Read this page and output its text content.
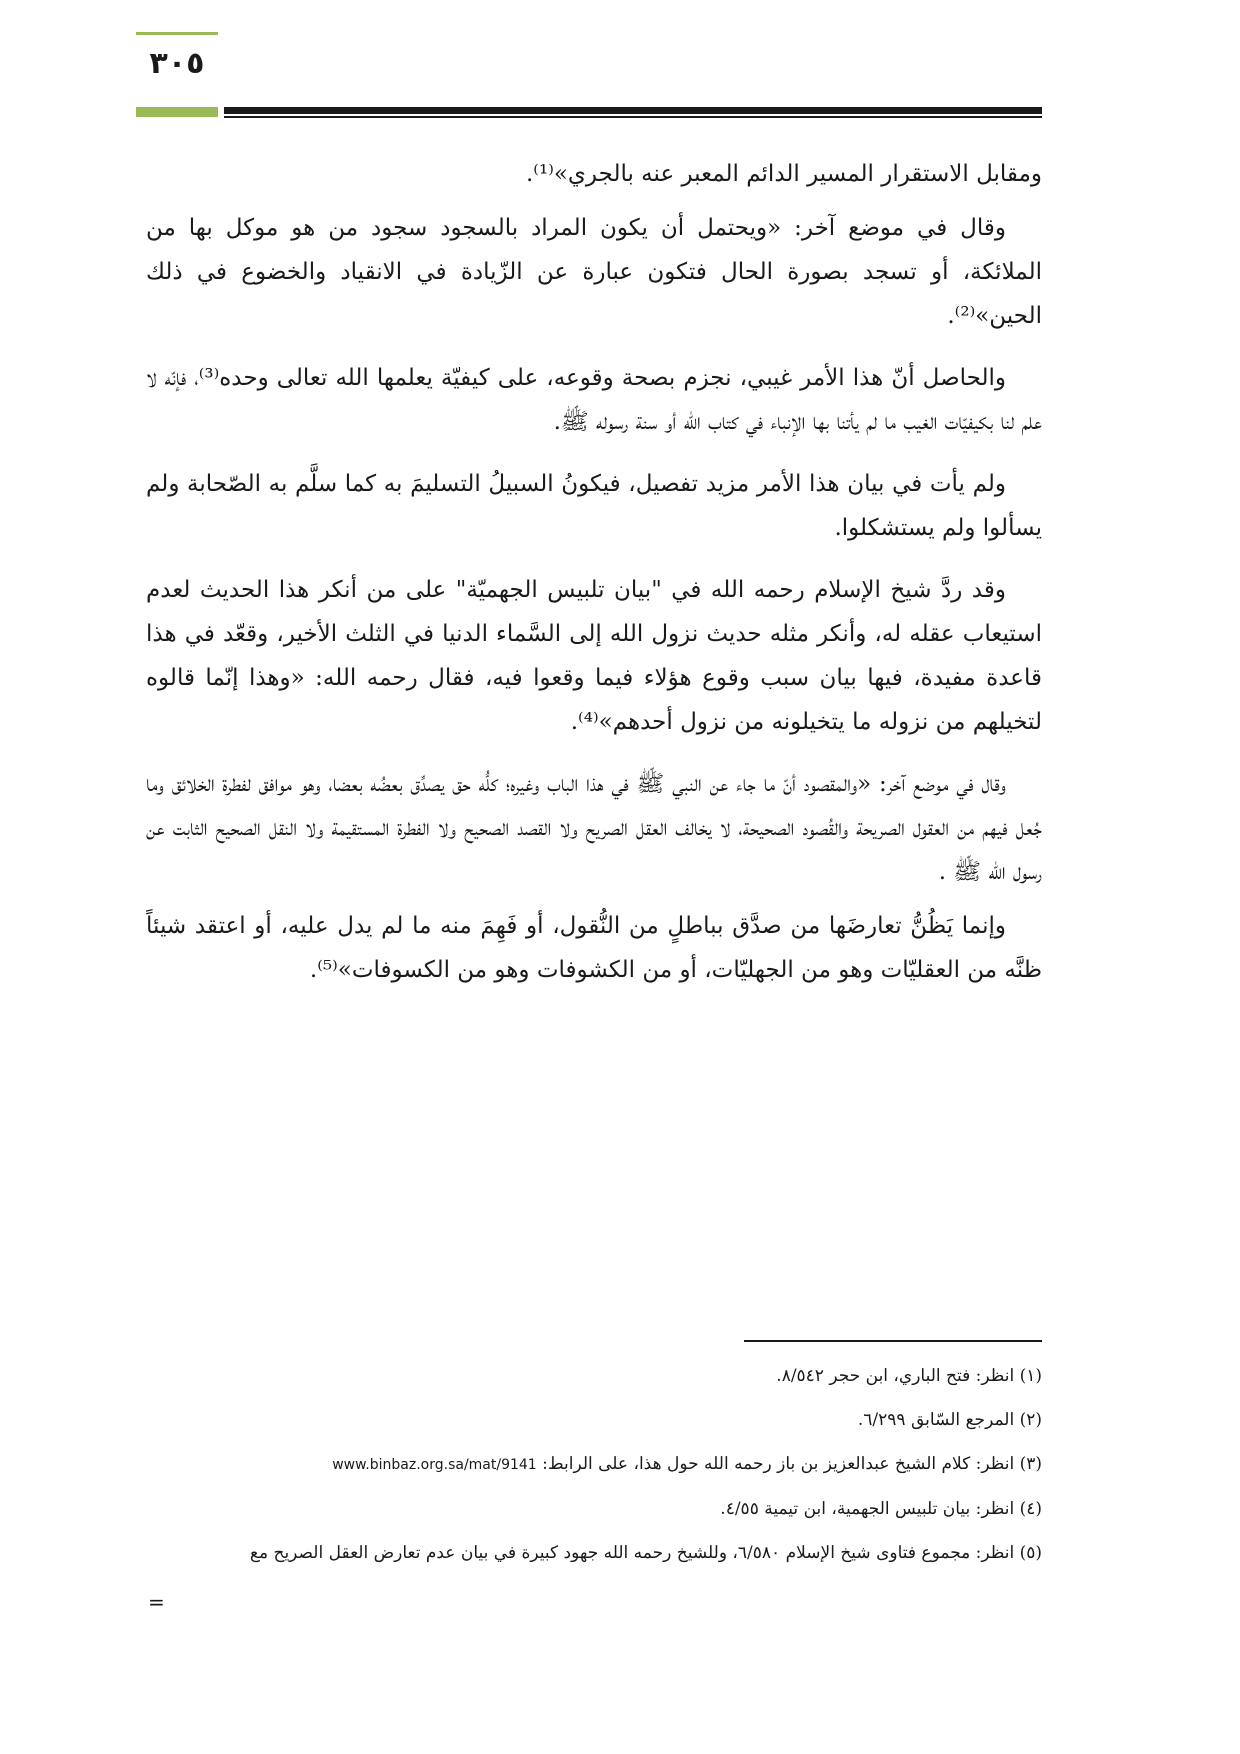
٣٠٥

ومقابل الاستقرار المسير الدائم المعبر عنه بالجري»⁽¹⁾.

وقال في موضع آخر: «ويحتمل أن يكون المراد بالسجود سجود من هو موكل بها من الملائكة، أو تسجد بصورة الحال فتكون عبارة عن الزّيادة في الانقياد والخضوع في ذلك الحين»⁽²⁾.

والحاصل أنّ هذا الأمر غيبي، نجزم بصحة وقوعه، على كيفيّة يعلمها الله تعالى وحده⁽³⁾، فإنّه لا علم لنا بكيفيّات الغيب ما لم يأتنا بها الإنباء في كتاب الله أو سنة رسوله ﷺ.

ولم يأت في بيان هذا الأمر مزيد تفصيل، فيكونُ السبيلُ التسليمَ به كما سلَّم به الصّحابة ولم يسألوا ولم يستشكلوا.

وقد ردَّ شيخ الإسلام رحمه الله في "بيان تلبيس الجهميّة" على من أنكر هذا الحديث لعدم استيعاب عقله له، وأنكر مثله حديث نزول الله إلى السَّماء الدنيا في الثلث الأخير، وقعّد في هذا قاعدة مفيدة، فيها بيان سبب وقوع هؤلاء فيما وقعوا فيه، فقال رحمه الله: «وهذا إنّما قالوه لتخيلهم من نزوله ما يتخيلونه من نزول أحدهم»⁽⁴⁾.

وقال في موضع آخر: «والمقصود أنّ ما جاء عن النبي ﷺ في هذا الباب وغيره؛ كلُّه حق يصدِّق بعضُه بعضا، وهو موافق لفطرة الخلائق وما جُعل فيهم من العقول الصريحة والقُصود الصحيحة، لا يخالف العقل الصريح ولا القصد الصحيح ولا الفطرة المستقيمة ولا النقل الصحيح الثابت عن رسول الله ﷺ .

وإنما يَظُنُّ تعارضَها من صدَّق بباطلٍ من النُّقول، أو فَهِمَ منه ما لم يدل عليه، أو اعتقد شيئاً ظنَّه من العقليّات وهو من الجهليّات، أو من الكشوفات وهو من الكسوفات»⁽⁵⁾.

(١) انظر: فتح الباري، ابن حجر ٨/٥٤٢.

(٢) المرجع السّابق ٦/٢٩٩.

(٣) انظر: كلام الشيخ عبدالعزيز بن باز رحمه الله حول هذا، على الرابط: www.binbaz.org.sa/mat/9141

(٤) انظر: بيان تلبيس الجهمية، ابن تيمية ٤/٥٥.

(٥) انظر: مجموع فتاوى شيخ الإسلام ٦/٥٨٠، وللشيخ رحمه الله جهود كبيرة في بيان عدم تعارض العقل الصريح مع

=
